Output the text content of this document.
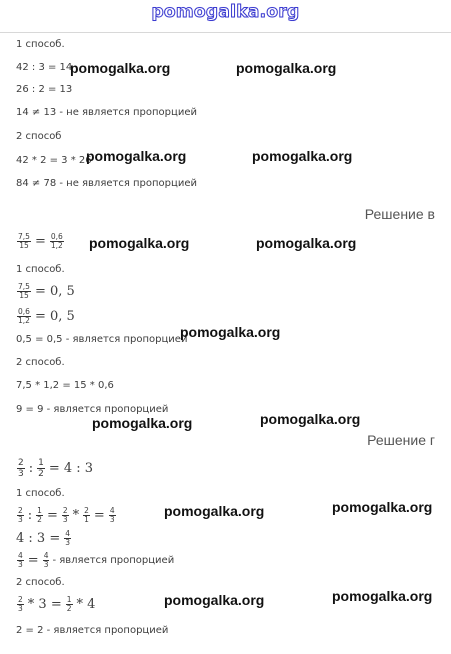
pomogalka.org
1 способ.
42 : 3 = 14
26 : 2 = 13
14 ≠ 13 - не является пропорцией
2 способ
42 * 2 = 3 * 26
84 ≠ 78 - не является пропорцией
Решение в
$\frac{7,5}{15} = \frac{0,6}{1,2}$
1 способ.
$\frac{7,5}{15} = 0$, 5
$\frac{0,6}{1,2} = 0$, 5
0,5 = 0,5 - является пропорцией
2 способ.
7,5 * 1,2 = 15 * 0,6
9 = 9 - является пропорцией
Решение г
$\frac{2}{3}$ : $\frac{1}{2} = 4$ : 3
1 способ.
$\frac{2}{3}$ : $\frac{1}{2} = \frac{2}{3} * \frac{2}{1} = \frac{4}{3}$
4 : $3 = \frac{4}{3}$
$\frac{4}{3} = \frac{4}{3}$ - является пропорцией
2 способ.
$\frac{2}{3} * 3 = \frac{1}{2} * 4$
2 = 2 - является пропорцией
pomogalka.org	pomogalka.org
pomogalka.org	pomogalka.org
pomogalka.org	pomogalka.org
pomogalka.org
pomogalka.org	pomogalka.org
pomogalka.org	pomogalka.org
pomogalka.org	pomogalka.org
